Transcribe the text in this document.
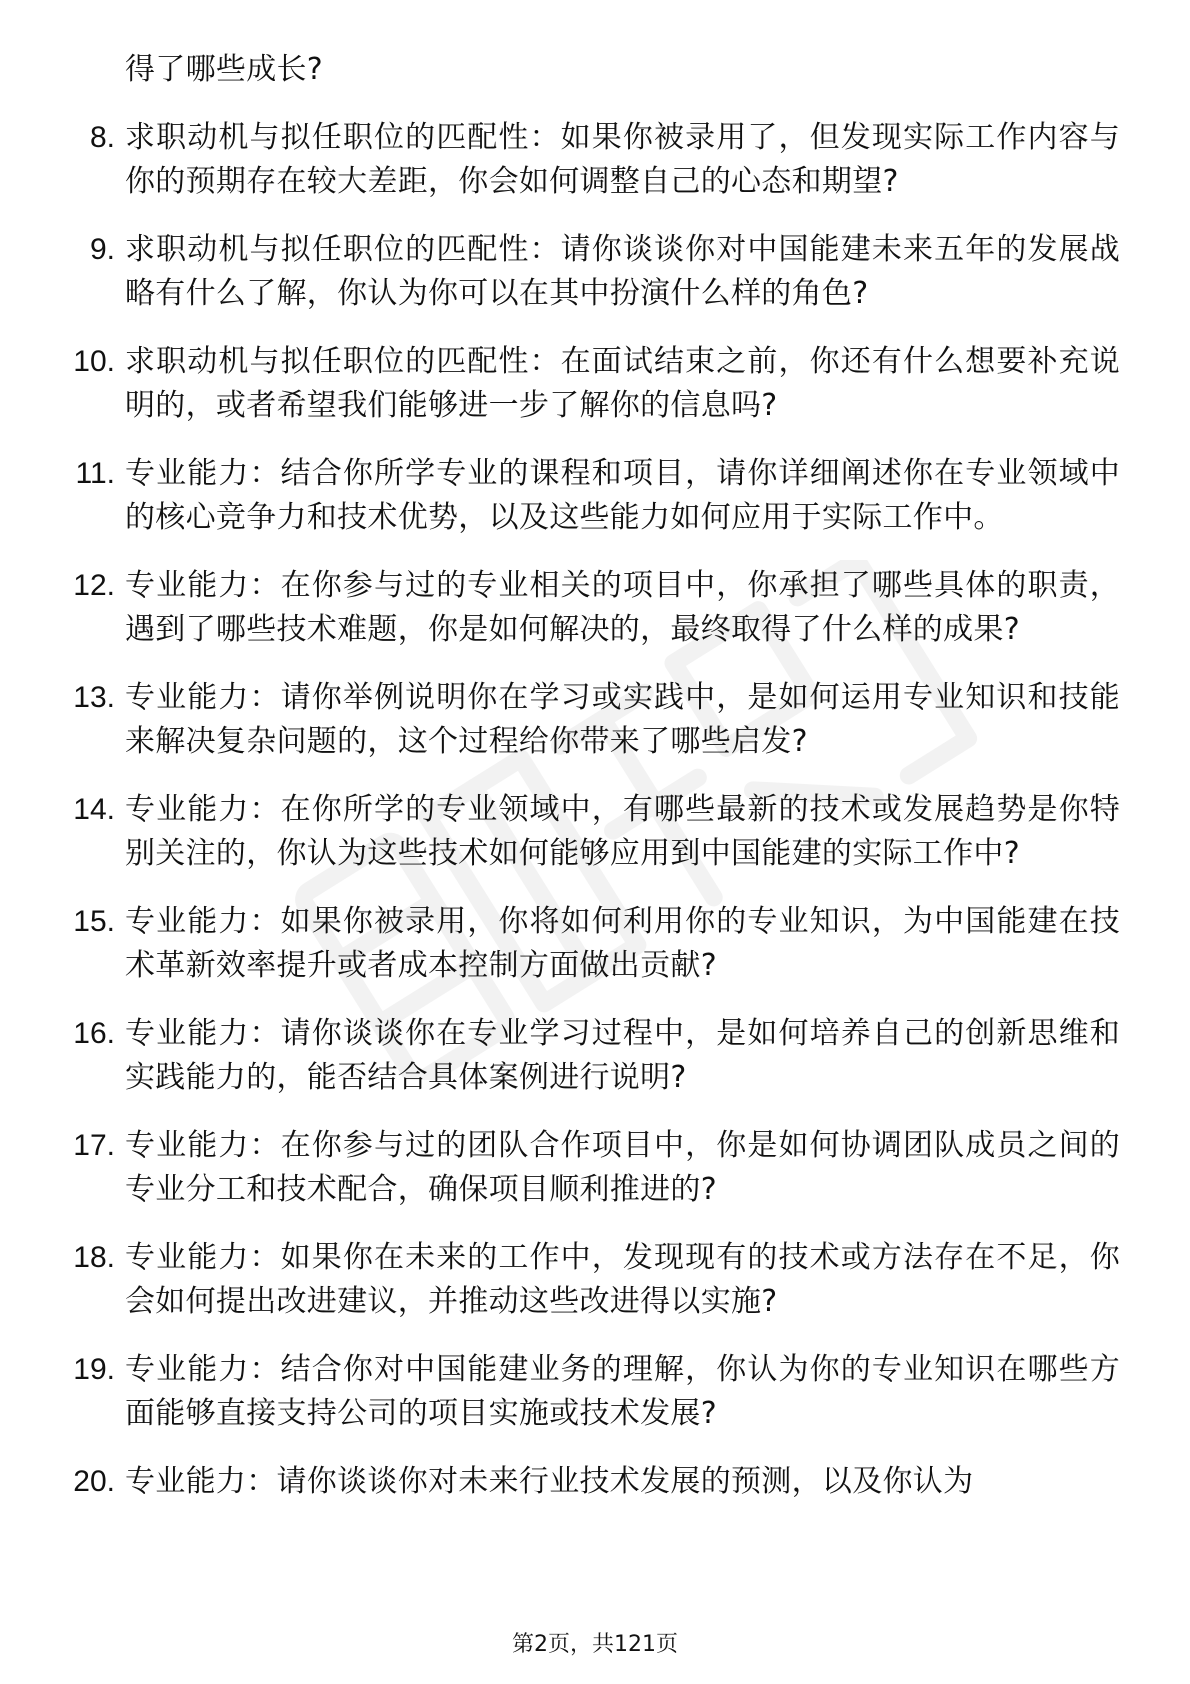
得了哪些成长?
8. 求职动机与拟任职位的匹配性：如果你被录用了，但发现实际工作内容与你的预期存在较大差距，你会如何调整自己的心态和期望?
9. 求职动机与拟任职位的匹配性：请你谈谈你对中国能建未来五年的发展战略有什么了解，你认为你可以在其中扮演什么样的角色?
10. 求职动机与拟任职位的匹配性：在面试结束之前，你还有什么想要补充说明的，或者希望我们能够进一步了解你的信息吗?
11. 专业能力：结合你所学专业的课程和项目，请你详细阐述你在专业领域中的核心竞争力和技术优势，以及这些能力如何应用于实际工作中。
12. 专业能力：在你参与过的专业相关的项目中，你承担了哪些具体的职责，遇到了哪些技术难题，你是如何解决的，最终取得了什么样的成果?
13. 专业能力：请你举例说明你在学习或实践中，是如何运用专业知识和技能来解决复杂问题的，这个过程给你带来了哪些启发?
14. 专业能力：在你所学的专业领域中，有哪些最新的技术或发展趋势是你特别关注的，你认为这些技术如何能够应用到中国能建的实际工作中?
15. 专业能力：如果你被录用，你将如何利用你的专业知识，为中国能建在技术革新效率提升或者成本控制方面做出贡献?
16. 专业能力：请你谈谈你在专业学习过程中，是如何培养自己的创新思维和实践能力的，能否结合具体案例进行说明?
17. 专业能力：在你参与过的团队合作项目中，你是如何协调团队成员之间的专业分工和技术配合，确保项目顺利推进的?
18. 专业能力：如果你在未来的工作中，发现现有的技术或方法存在不足，你会如何提出改进建议，并推动这些改进得以实施?
19. 专业能力：结合你对中国能建业务的理解，你认为你的专业知识在哪些方面能够直接支持公司的项目实施或技术发展?
20. 专业能力：请你谈谈你对未来行业技术发展的预测，以及你认为
第2页，共121页
